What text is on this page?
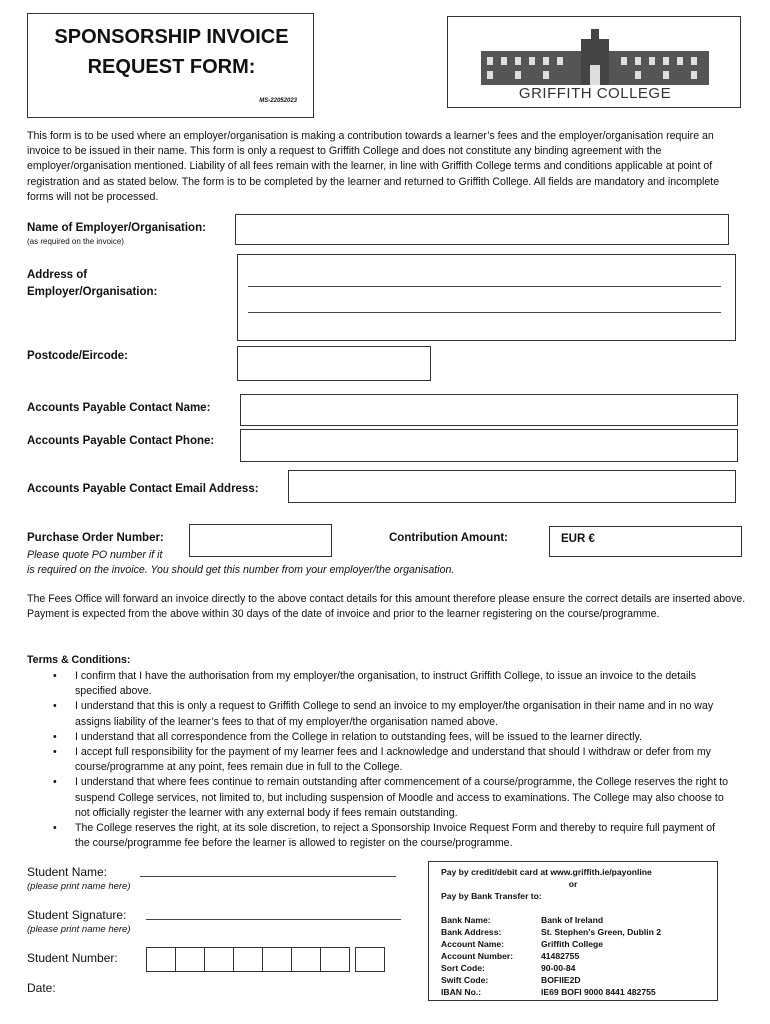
SPONSORSHIP INVOICE
REQUEST FORM:
MS-22052023	GRIFFITH COLLEGE
This form is to be used where an employer/organisation is making a contribution towards a learner’s fees and the employer/organisation require an invoice to be issued in their name. This form is only a request to Griffith College and does not constitute any binding agreement with the employer/organisation mentioned. Liability of all fees remain with the learner, in line with Griffith College terms and conditions applicable at point of registration and as stated below. The form is to be completed by the learner and returned to Griffith College. All fields are mandatory and incomplete forms will not be processed.
Name of Employer/Organisation:
(as required on the invoice)
Address of
Employer/Organisation:
Postcode/Eircode:
Accounts Payable Contact Name:
Accounts Payable Contact Phone:
Accounts Payable Contact Email Address:
Purchase Order Number:	Contribution Amount:	EUR €
Please quote PO number if it
is required on the invoice. You should get this number from your employer/the organisation.
The Fees Office will forward an invoice directly to the above contact details for this amount therefore please ensure the correct details are inserted above. Payment is expected from the above within 30 days of the date of invoice and prior to the learner registering on the course/programme.
Terms & Conditions:
• I confirm that I have the authorisation from my employer/the organisation, to instruct Griffith College, to issue an invoice to the details specified above.
• I understand that this is only a request to Griffith College to send an invoice to my employer/the organisation in their name and in no way assigns liability of the learner’s fees to that of my employer/the organisation named above.
• I understand that all correspondence from the College in relation to outstanding fees, will be issued to the learner directly.
• I accept full responsibility for the payment of my learner fees and I acknowledge and understand that should I withdraw or defer from my course/programme at any point, fees remain due in full to the College.
• I understand that where fees continue to remain outstanding after commencement of a course/programme, the College reserves the right to suspend College services, not limited to, but including suspension of Moodle and access to examinations. The College may also choose to not officially register the learner with any external body if fees remain outstanding.
• The College reserves the right, at its sole discretion, to reject a Sponsorship Invoice Request Form and thereby to require full payment of the course/programme fee before the learner is allowed to register on the course/programme.
Student Name:
(please print name here)
Student Signature:
(please print name here)
Student Number:
Date:
Pay by credit/debit card at www.griffith.ie/payonline
or
Pay by Bank Transfer to:
Bank Name:	Bank of Ireland
Bank Address:	St. Stephen’s Green, Dublin 2
Account Name:	Griffith College
Account Number:	41482755
Sort Code:	90-00-84
Swift Code:	BOFIIE2D
IBAN No.:	IE69 BOFI 9000 8441 482755
